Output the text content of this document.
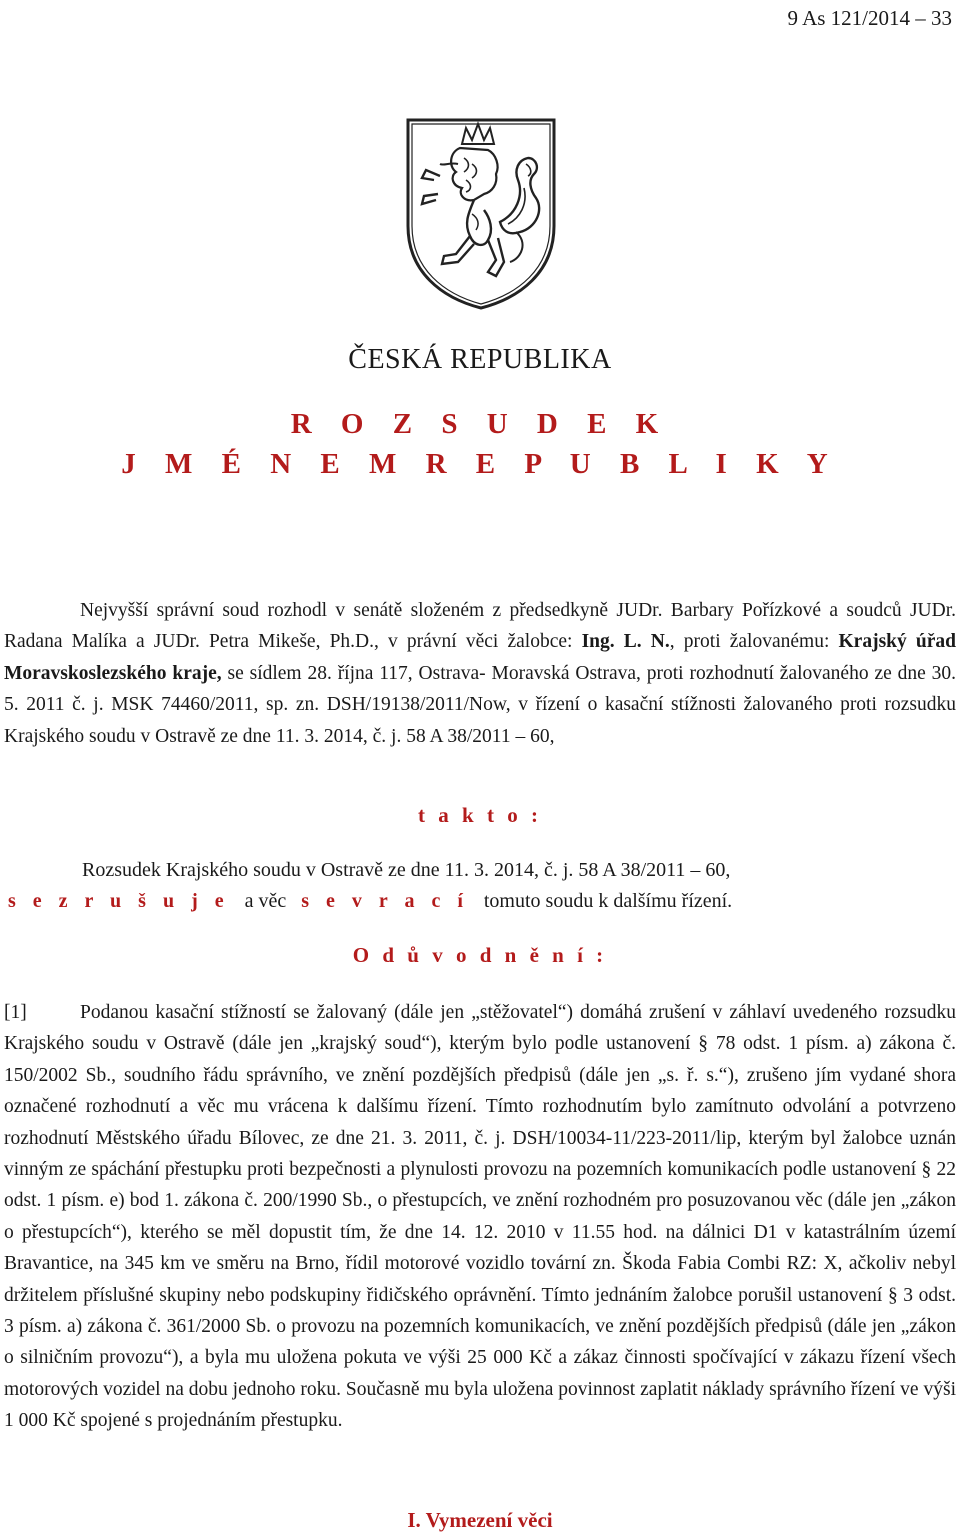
9 As 121/2014 – 33
ČESKÁ REPUBLIKA
R O Z S U D E K
J M É N E M R E P U B L I K Y
Nejvyšší správní soud rozhodl v senátě složeném z předsedkyně JUDr. Barbary Pořízkové a soudců JUDr. Radana Malíka a JUDr. Petra Mikeše, Ph.D., v právní věci žalobce: Ing. L. N., proti žalovanému: Krajský úřad Moravskoslezského kraje, se sídlem 28. října 117, Ostrava- Moravská Ostrava, proti rozhodnutí žalovaného ze dne 30. 5. 2011 č. j. MSK 74460/2011, sp. zn. DSH/19138/2011/Now, v řízení o kasační stížnosti žalovaného proti rozsudku Krajského soudu v Ostravě ze dne 11. 3. 2014, č. j. 58 A 38/2011 – 60,
t a k t o :
Rozsudek Krajského soudu v Ostravě ze dne 11. 3. 2014, č. j. 58 A 38/2011 – 60,
s e z r u š u j e a věc s e v r a c í tomuto soudu k dalšímu řízení.
O d ů v o d n ě n í :
[1]	Podanou kasační stížností se žalovaný (dále jen „stěžovatel“) domáhá zrušení v záhlaví uvedeného rozsudku Krajského soudu v Ostravě (dále jen „krajský soud“), kterým bylo podle ustanovení § 78 odst. 1 písm. a) zákona č. 150/2002 Sb., soudního řádu správního, ve znění pozdějších předpisů (dále jen „s. ř. s.“), zrušeno jím vydané shora označené rozhodnutí a věc mu vrácena k dalšímu řízení. Tímto rozhodnutím bylo zamítnuto odvolání a potvrzeno rozhodnutí Městského úřadu Bílovec, ze dne 21. 3. 2011, č. j. DSH/10034-11/223-2011/lip, kterým byl žalobce uznán vinným ze spáchání přestupku proti bezpečnosti a plynulosti provozu na pozemních komunikacích podle ustanovení § 22 odst. 1 písm. e) bod 1. zákona č. 200/1990 Sb., o přestupcích, ve znění rozhodném pro posuzovanou věc (dále jen „zákon o přestupcích“), kterého se měl dopustit tím, že dne 14. 12. 2010 v 11.55 hod. na dálnici D1 v katastrálním území Bravantice, na 345 km ve směru na Brno, řídil motorové vozidlo tovární zn. Škoda Fabia Combi RZ: X, ačkoliv nebyl držitelem příslušné skupiny nebo podskupiny řidičského oprávnění. Tímto jednáním žalobce porušil ustanovení § 3 odst. 3 písm. a) zákona č. 361/2000 Sb. o provozu na pozemních komunikacích, ve znění pozdějších předpisů (dále jen „zákon o silničním provozu“), a byla mu uložena pokuta ve výši 25 000 Kč a zákaz činnosti spočívající v zákazu řízení všech motorových vozidel na dobu jednoho roku. Současně mu byla uložena povinnost zaplatit náklady správního řízení ve výši 1 000 Kč spojené s projednáním přestupku.
I. Vymezení věci
